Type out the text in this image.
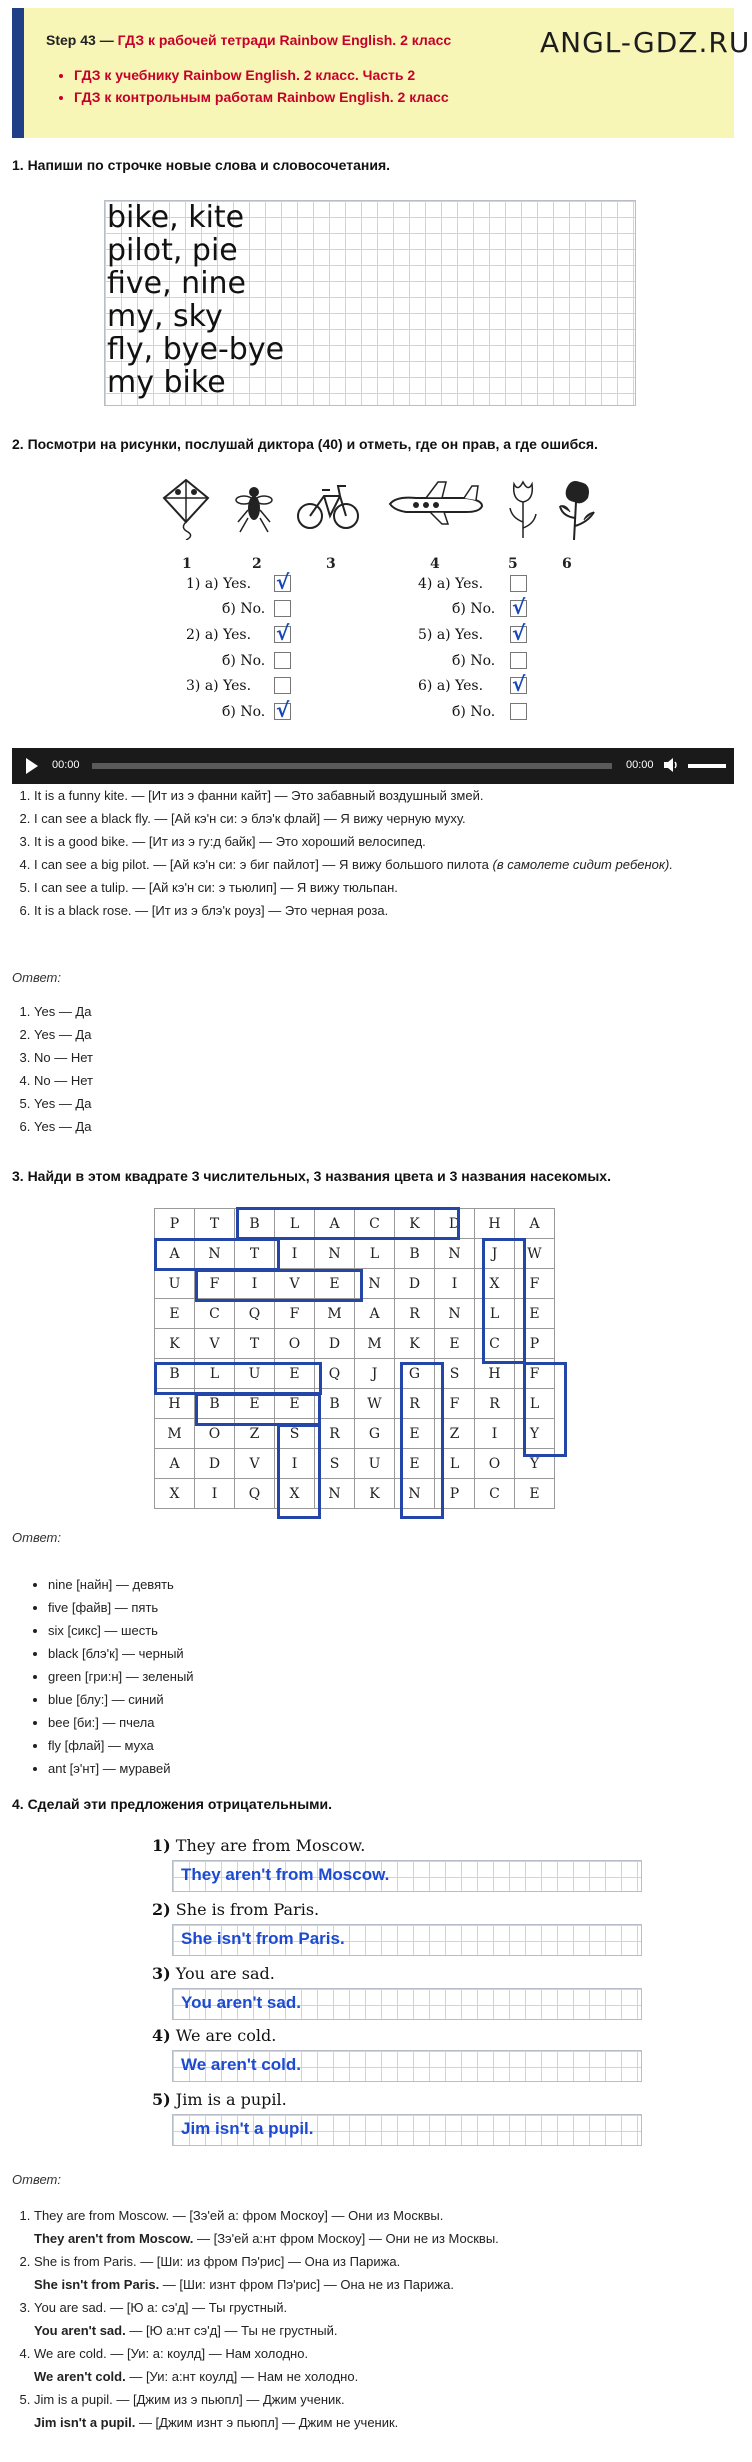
ANGL-GDZ.RU
Step 43 — ГДЗ к рабочей тетради Rainbow English. 2 класс
• ГДЗ к учебнику Rainbow English. 2 класс. Часть 2
• ГДЗ к контрольным работам Rainbow English. 2 класс
1. Напиши по строчке новые слова и словосочетания.
bike, kite
pilot, pie
five, nine
my, sky
fly, bye-bye
my bike
2. Посмотри на рисунки, послушай диктора (40) и отметь, где он прав, а где ошибся.
1	2	3	4	5	6
1) а) Yes. √
б) No.
2) а) Yes. √
б) No.
3) а) Yes.
б) No. √
4) а) Yes.
б) No. √
5) а) Yes. √
б) No.
6) а) Yes. √
б) No.
00:00	00:00
1. It is a funny kite. — [Ит из э фанни кайт] — Это забавный воздушный змей.
2. I can see a black fly. — [Ай кэ'н си: э блэ'к флай] — Я вижу черную муху.
3. It is a good bike. — [Ит из э гу:д байк] — Это хороший велосипед.
4. I can see a big pilot. — [Ай кэ'н си: э биг пайлот] — Я вижу большого пилота (в самолете сидит ребенок).
5. I can see a tulip. — [Ай кэ'н си: э тьюлип] — Я вижу тюльпан.
6. It is a black rose. — [Ит из э блэ'к роуз] — Это черная роза.
Ответ:
1. Yes — Да
2. Yes — Да
3. No — Нет
4. No — Нет
5. Yes — Да
6. Yes — Да
3. Найди в этом квадрате 3 числительных, 3 названия цвета и 3 названия насекомых.
P	T	B	L	A	C	K	D	H	A
A	N	T	I	N	L	B	N	J	W
U	F	I	V	E	N	D	I	X	F
E	C	Q	F	M	A	R	N	L	E
K	V	T	O	D	M	K	E	C	P
B	L	U	E	Q	J	G	S	H	F
H	B	E	E	B	W	R	F	R	L
M	O	Z	S	R	G	E	Z	I	Y
A	D	V	I	S	U	E	L	O	Y
X	I	Q	X	N	K	N	P	C	E
Ответ:
• nine [найн] — девять
• five [файв] — пять
• six [сикс] — шесть
• black [блэ'к] — черный
• green [гри:н] — зеленый
• blue [блу:] — синий
• bee [би:] — пчела
• fly [флай] — муха
• ant [э'нт] — муравей
4. Сделай эти предложения отрицательными.
1) They are from Moscow.
They aren't from Moscow.
2) She is from Paris.
She isn't from Paris.
3) You are sad.
You aren't sad.
4) We are cold.
We aren't cold.
5) Jim is a pupil.
Jim isn't a pupil.
Ответ:
1. They are from Moscow. — [Зэ'ей а: фром Москоу] — Они из Москвы.
They aren't from Moscow. — [Зэ'ей а:нт фром Москоу] — Они не из Москвы.
2. She is from Paris. — [Ши: из фром Пэ'рис] — Она из Парижа.
She isn't from Paris. — [Ши: изнт фром Пэ'рис] — Она не из Парижа.
3. You are sad. — [Ю а: сэ'д] — Ты грустный.
You aren't sad. — [Ю а:нт сэ'д] — Ты не грустный.
4. We are cold. — [Уи: а: коулд] — Нам холодно.
We aren't cold. — [Уи: а:нт коулд] — Нам не холодно.
5. Jim is a pupil. — [Джим из э пьюпл] — Джим ученик.
Jim isn't a pupil. — [Джим изнт э пьюпл] — Джим не ученик.
